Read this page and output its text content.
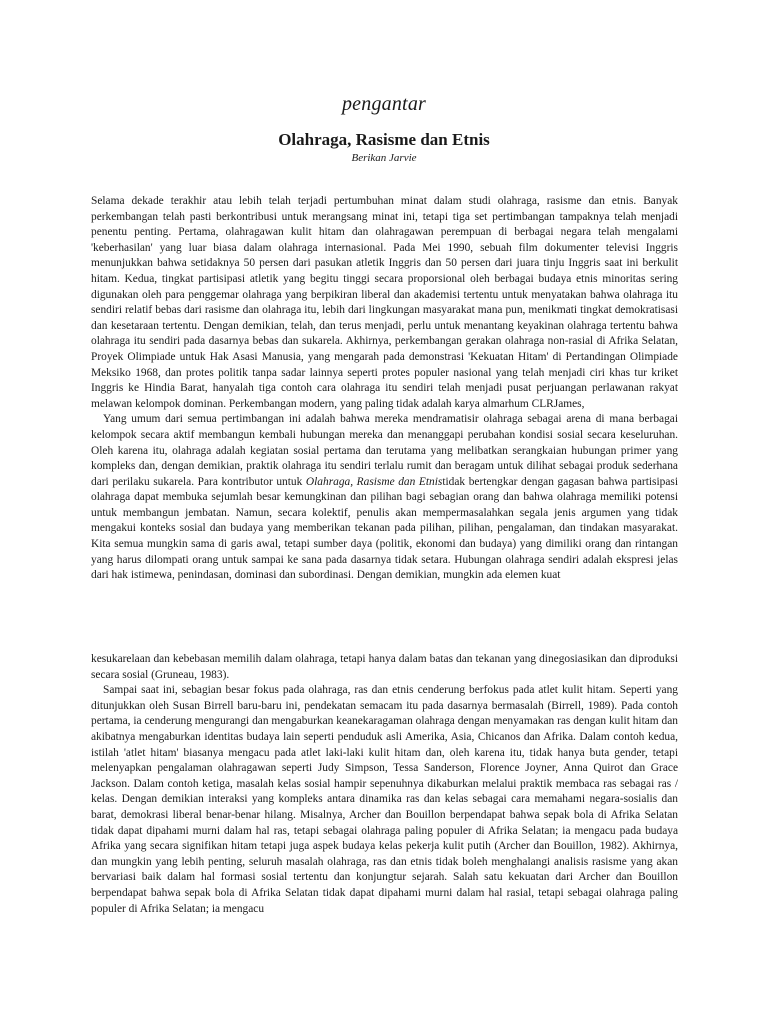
pengantar
Olahraga, Rasisme dan Etnis
Berikan Jarvie

Selama dekade terakhir atau lebih telah terjadi pertumbuhan minat dalam studi olahraga, rasisme dan etnis. Banyak perkembangan telah pasti berkontribusi untuk merangsang minat ini, tetapi tiga set pertimbangan tampaknya telah menjadi penentu penting. Pertama, olahragawan kulit hitam dan olahragawan perempuan di berbagai negara telah mengalami 'keberhasilan' yang luar biasa dalam olahraga internasional. Pada Mei 1990, sebuah film dokumenter televisi Inggris menunjukkan bahwa setidaknya 50 persen dari pasukan atletik Inggris dan 50 persen dari juara tinju Inggris saat ini berkulit hitam. Kedua, tingkat partisipasi atletik yang begitu tinggi secara proporsional oleh berbagai budaya etnis minoritas sering digunakan oleh para penggemar olahraga yang berpikiran liberal dan akademisi tertentu untuk menyatakan bahwa olahraga itu sendiri relatif bebas dari rasisme dan olahraga itu, lebih dari lingkungan masyarakat mana pun, menikmati tingkat demokratisasi dan kesetaraan tertentu. Dengan demikian, telah, dan terus menjadi, perlu untuk menantang keyakinan olahraga tertentu bahwa olahraga itu sendiri pada dasarnya bebas dan sukarela. Akhirnya, perkembangan gerakan olahraga non-rasial di Afrika Selatan, Proyek Olimpiade untuk Hak Asasi Manusia, yang mengarah pada demonstrasi 'Kekuatan Hitam' di Pertandingan Olimpiade Meksiko 1968, dan protes politik tanpa sadar lainnya seperti protes populer nasional yang telah menjadi ciri khas tur kriket Inggris ke Hindia Barat, hanyalah tiga contoh cara olahraga itu sendiri telah menjadi pusat perjuangan perlawanan rakyat melawan kelompok dominan. Perkembangan modern, yang paling tidak adalah karya almarhum CLRJames,

Yang umum dari semua pertimbangan ini adalah bahwa mereka mendramatisir olahraga sebagai arena di mana berbagai kelompok secara aktif membangun kembali hubungan mereka dan menanggapi perubahan kondisi sosial secara keseluruhan. Oleh karena itu, olahraga adalah kegiatan sosial pertama dan terutama yang melibatkan serangkaian hubungan primer yang kompleks dan, dengan demikian, praktik olahraga itu sendiri terlalu rumit dan beragam untuk dilihat sebagai produk sederhana dari perilaku sukarela. Para kontributor untuk Olahraga, Rasisme dan Etnistidak bertengkar dengan gagasan bahwa partisipasi olahraga dapat membuka sejumlah besar kemungkinan dan pilihan bagi sebagian orang dan bahwa olahraga memiliki potensi untuk membangun jembatan. Namun, secara kolektif, penulis akan mempermasalahkan segala jenis argumen yang tidak mengakui konteks sosial dan budaya yang memberikan tekanan pada pilihan, pilihan, pengalaman, dan tindakan masyarakat. Kita semua mungkin sama di garis awal, tetapi sumber daya (politik, ekonomi dan budaya) yang dimiliki orang dan rintangan yang harus dilompati orang untuk sampai ke sana pada dasarnya tidak setara. Hubungan olahraga sendiri adalah ekspresi jelas dari hak istimewa, penindasan, dominasi dan subordinasi. Dengan demikian, mungkin ada elemen kuat

kesukarelaan dan kebebasan memilih dalam olahraga, tetapi hanya dalam batas dan tekanan yang dinegosiasikan dan diproduksi secara sosial (Gruneau, 1983).

Sampai saat ini, sebagian besar fokus pada olahraga, ras dan etnis cenderung berfokus pada atlet kulit hitam. Seperti yang ditunjukkan oleh Susan Birrell baru-baru ini, pendekatan semacam itu pada dasarnya bermasalah (Birrell, 1989). Pada contoh pertama, ia cenderung mengurangi dan mengaburkan keanekaragaman olahraga dengan menyamakan ras dengan kulit hitam dan akibatnya mengaburkan identitas budaya lain seperti penduduk asli Amerika, Asia, Chicanos dan Afrika. Dalam contoh kedua, istilah 'atlet hitam' biasanya mengacu pada atlet laki-laki kulit hitam dan, oleh karena itu, tidak hanya buta gender, tetapi melenyapkan pengalaman olahragawan seperti Judy Simpson, Tessa Sanderson, Florence Joyner, Anna Quirot dan Grace Jackson. Dalam contoh ketiga, masalah kelas sosial hampir sepenuhnya dikaburkan melalui praktik membaca ras sebagai ras / kelas. Dengan demikian interaksi yang kompleks antara dinamika ras dan kelas sebagai cara memahami negara-sosialis dan barat, demokrasi liberal benar-benar hilang. Misalnya, Archer dan Bouillon berpendapat bahwa sepak bola di Afrika Selatan tidak dapat dipahami murni dalam hal ras, tetapi sebagai olahraga paling populer di Afrika Selatan; ia mengacu pada budaya Afrika yang secara signifikan hitam tetapi juga aspek budaya kelas pekerja kulit putih (Archer dan Bouillon, 1982). Akhirnya, dan mungkin yang lebih penting, seluruh masalah olahraga, ras dan etnis tidak boleh menghalangi analisis rasisme yang akan bervariasi baik dalam hal formasi sosial tertentu dan konjungtur sejarah. Salah satu kekuatan dari Archer dan Bouillon berpendapat bahwa sepak bola di Afrika Selatan tidak dapat dipahami murni dalam hal rasial, tetapi sebagai olahraga paling populer di Afrika Selatan; ia mengacu
